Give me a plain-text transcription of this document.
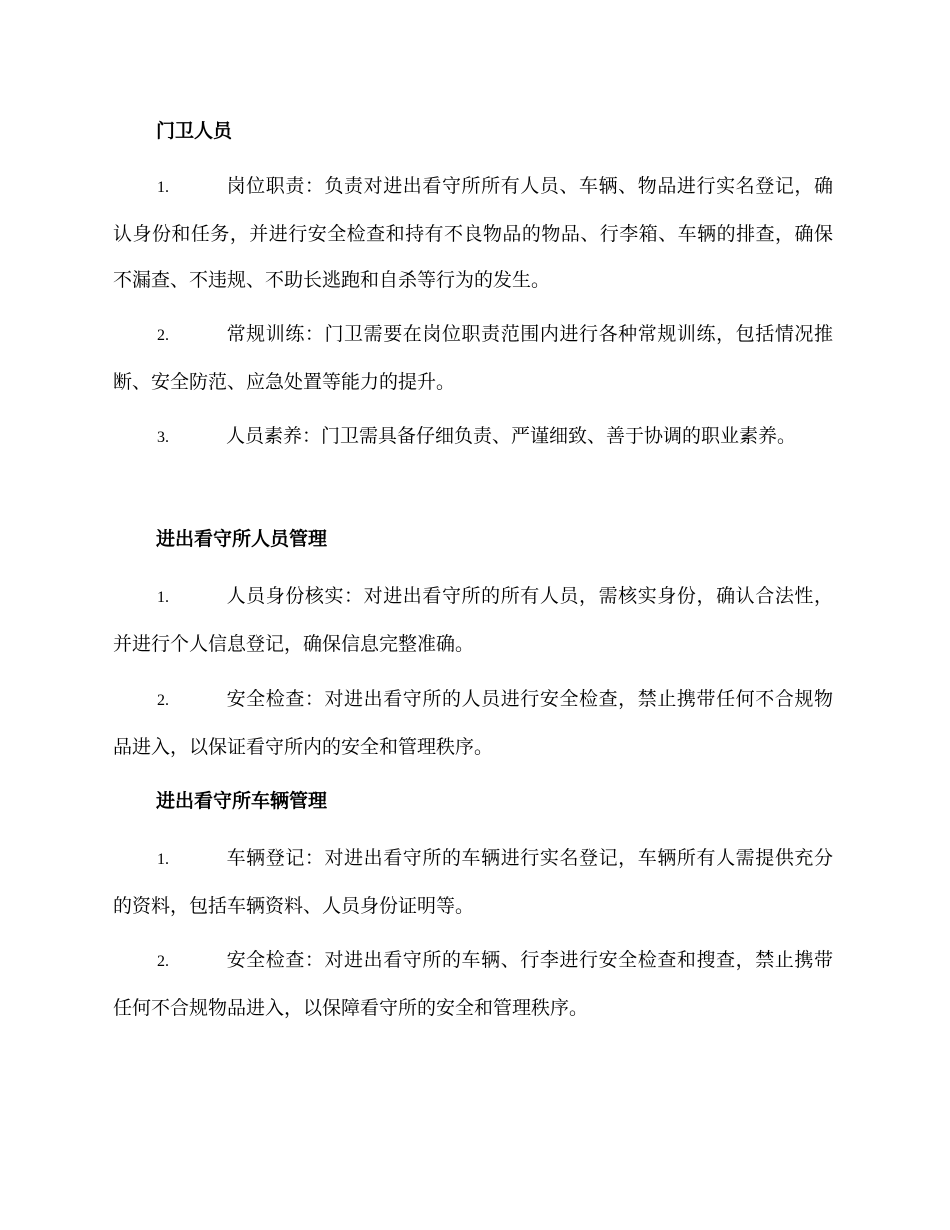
门卫人员

1.	岗位职责：负责对进出看守所所有人员、车辆、物品进行实名登记，确认身份和任务，并进行安全检查和持有不良物品的物品、行李箱、车辆的排查，确保不漏查、不违规、不助长逃跑和自杀等行为的发生。

2.	常规训练：门卫需要在岗位职责范围内进行各种常规训练，包括情况推断、安全防范、应急处置等能力的提升。

3.	人员素养：门卫需具备仔细负责、严谨细致、善于协调的职业素养。

进出看守所人员管理

1.	人员身份核实：对进出看守所的所有人员，需核实身份，确认合法性，并进行个人信息登记，确保信息完整准确。

2.	安全检查：对进出看守所的人员进行安全检查，禁止携带任何不合规物品进入，以保证看守所内的安全和管理秩序。

进出看守所车辆管理

1.	车辆登记：对进出看守所的车辆进行实名登记，车辆所有人需提供充分的资料，包括车辆资料、人员身份证明等。

2.	安全检查：对进出看守所的车辆、行李进行安全检查和搜查，禁止携带任何不合规物品进入，以保障看守所的安全和管理秩序。
